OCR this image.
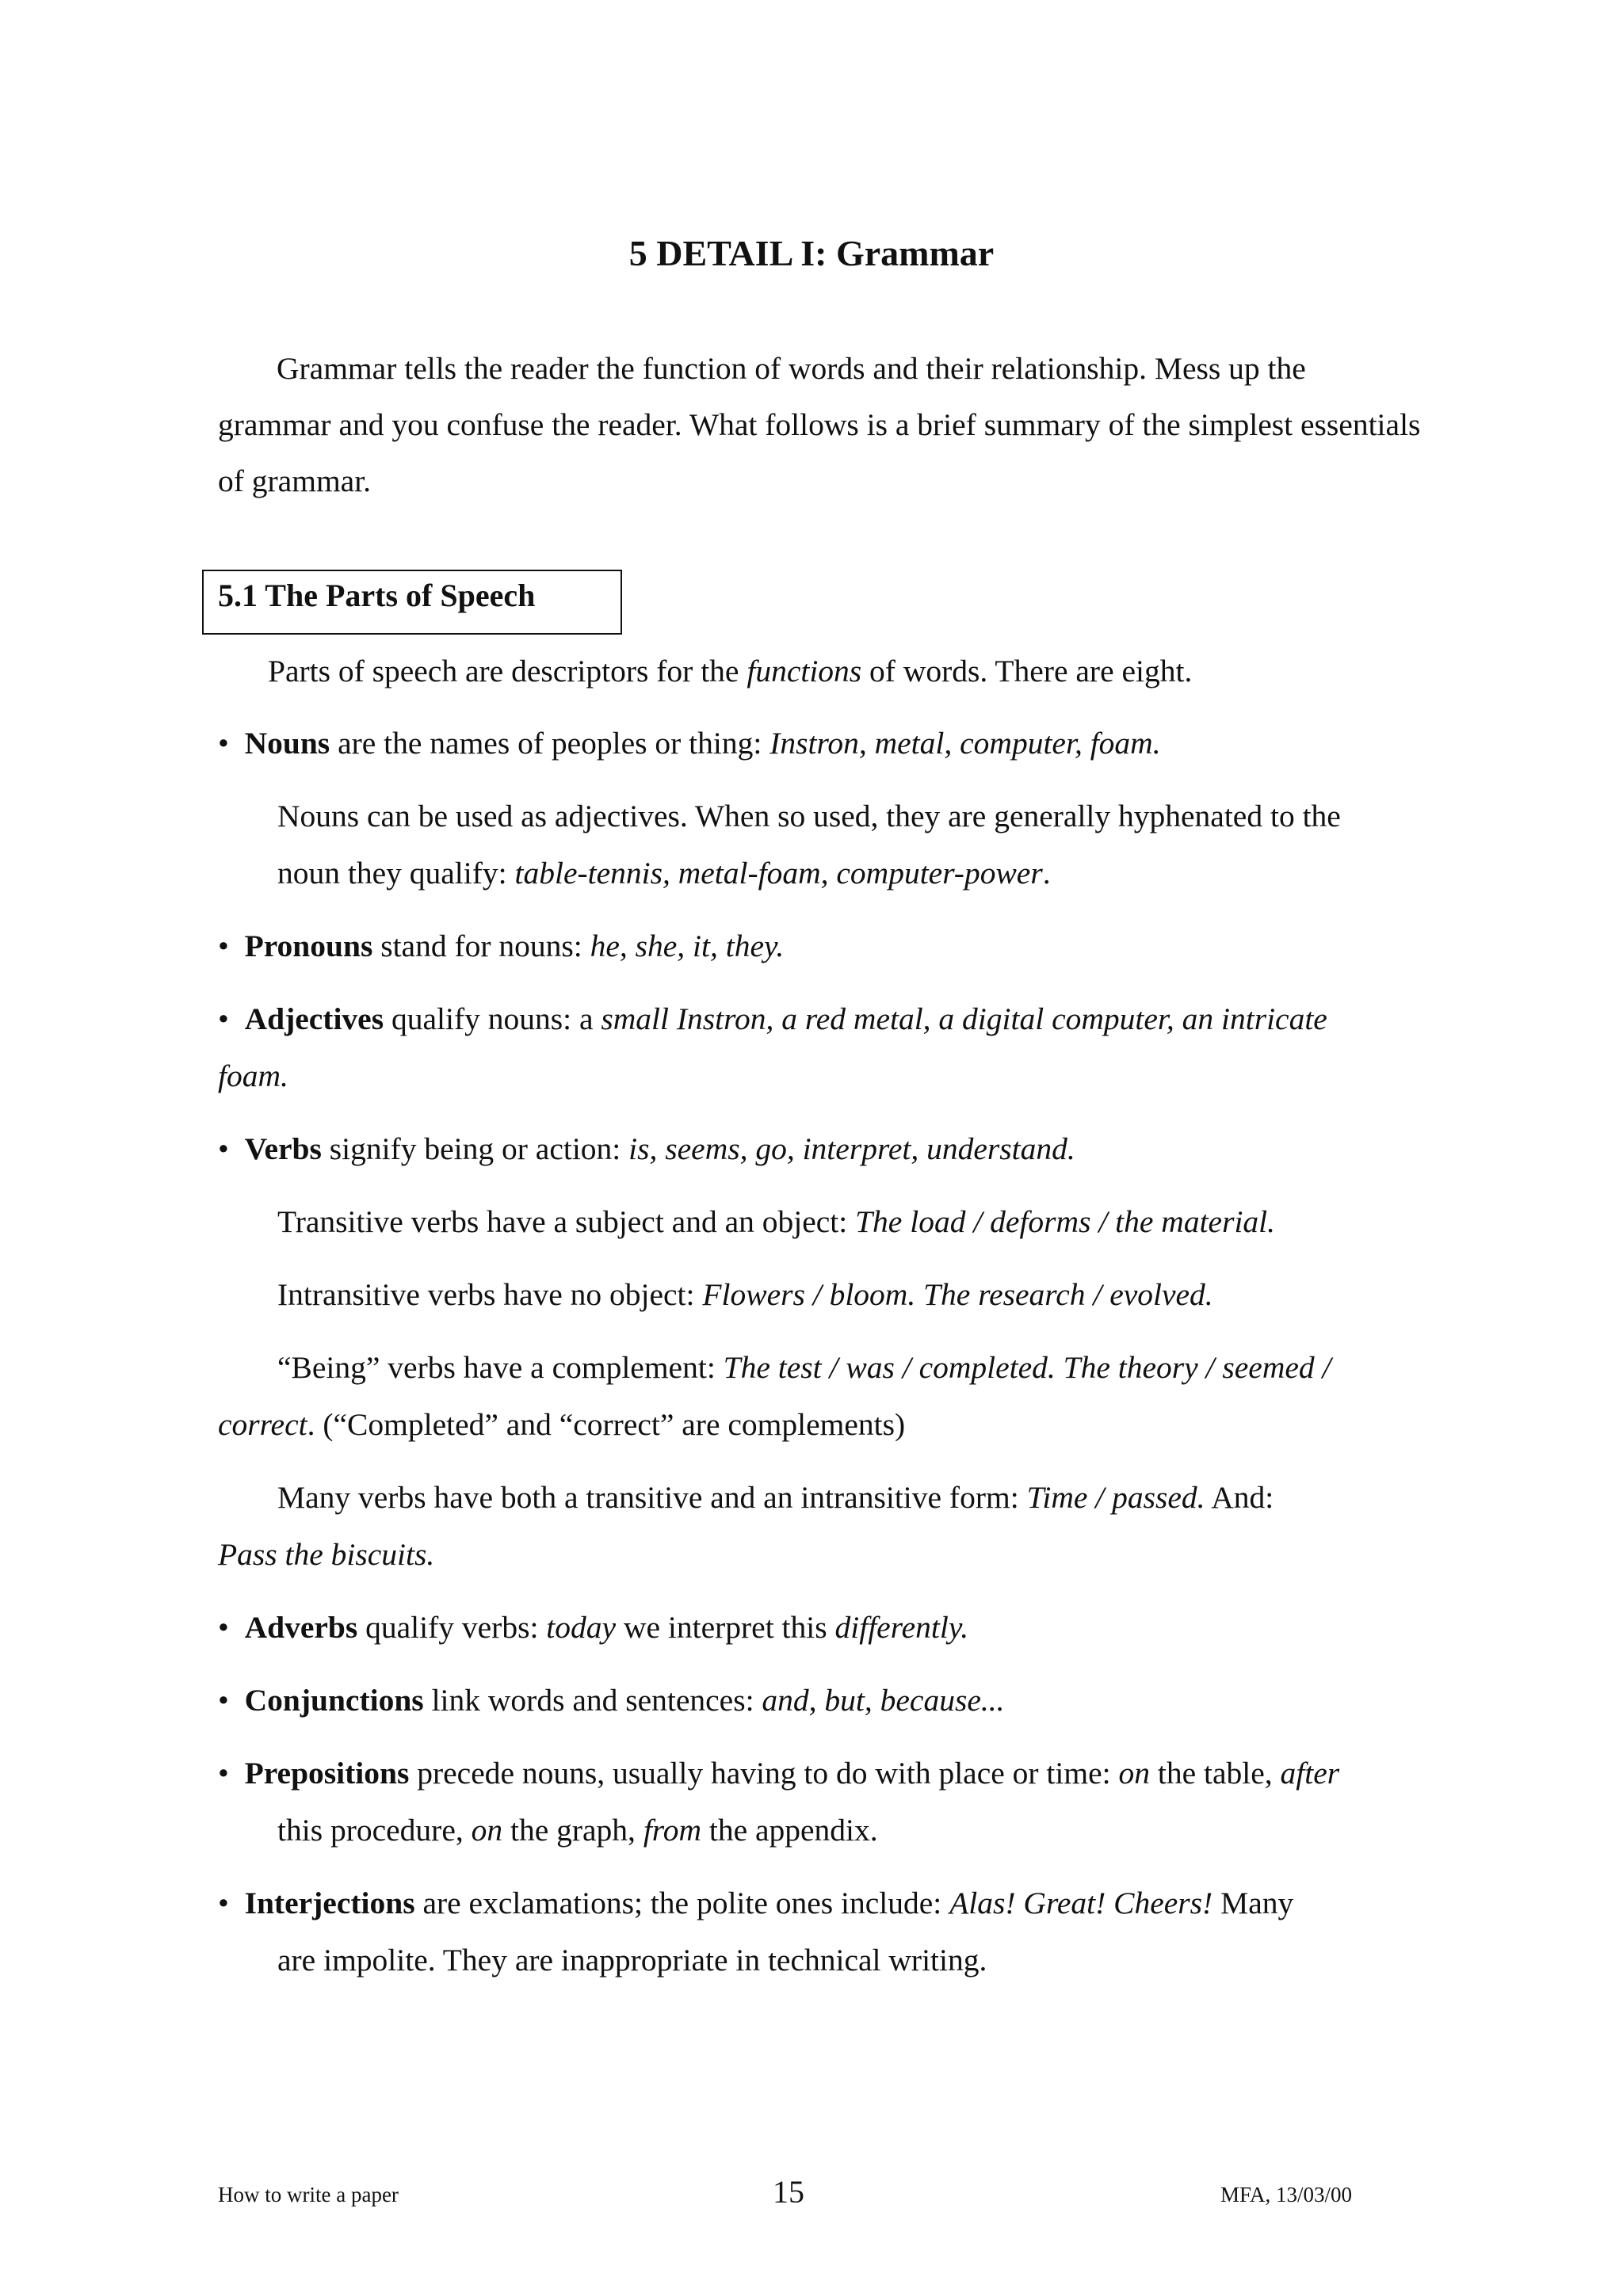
5 DETAIL I: Grammar

Grammar tells the reader the function of words and their relationship. Mess up the grammar and you confuse the reader. What follows is a brief summary of the simplest essentials of grammar.

5.1 The Parts of Speech
Parts of speech are descriptors for the functions of words. There are eight.
• Nouns are the names of peoples or thing: Instron, metal, computer, foam.
Nouns can be used as adjectives. When so used, they are generally hyphenated to the
noun they qualify: table-tennis, metal-foam, computer-power.
• Pronouns stand for nouns: he, she, it, they.
• Adjectives qualify nouns: a small Instron, a red metal, a digital computer, an intricate
foam.
• Verbs signify being or action: is, seems, go, interpret, understand.
Transitive verbs have a subject and an object: The load / deforms / the material.
Intransitive verbs have no object: Flowers / bloom. The research / evolved.
“Being” verbs have a complement: The test / was / completed. The theory / seemed /
correct. (“Completed” and “correct” are complements)
Many verbs have both a transitive and an intransitive form: Time / passed. And:
Pass the biscuits.
• Adverbs qualify verbs: today we interpret this differently.
• Conjunctions link words and sentences: and, but, because...
• Prepositions precede nouns, usually having to do with place or time: on the table, after
this procedure, on the graph, from the appendix.
• Interjections are exclamations; the polite ones include: Alas! Great! Cheers! Many
are impolite. They are inappropriate in technical writing.
How to write a paper	15	MFA, 13/03/00
